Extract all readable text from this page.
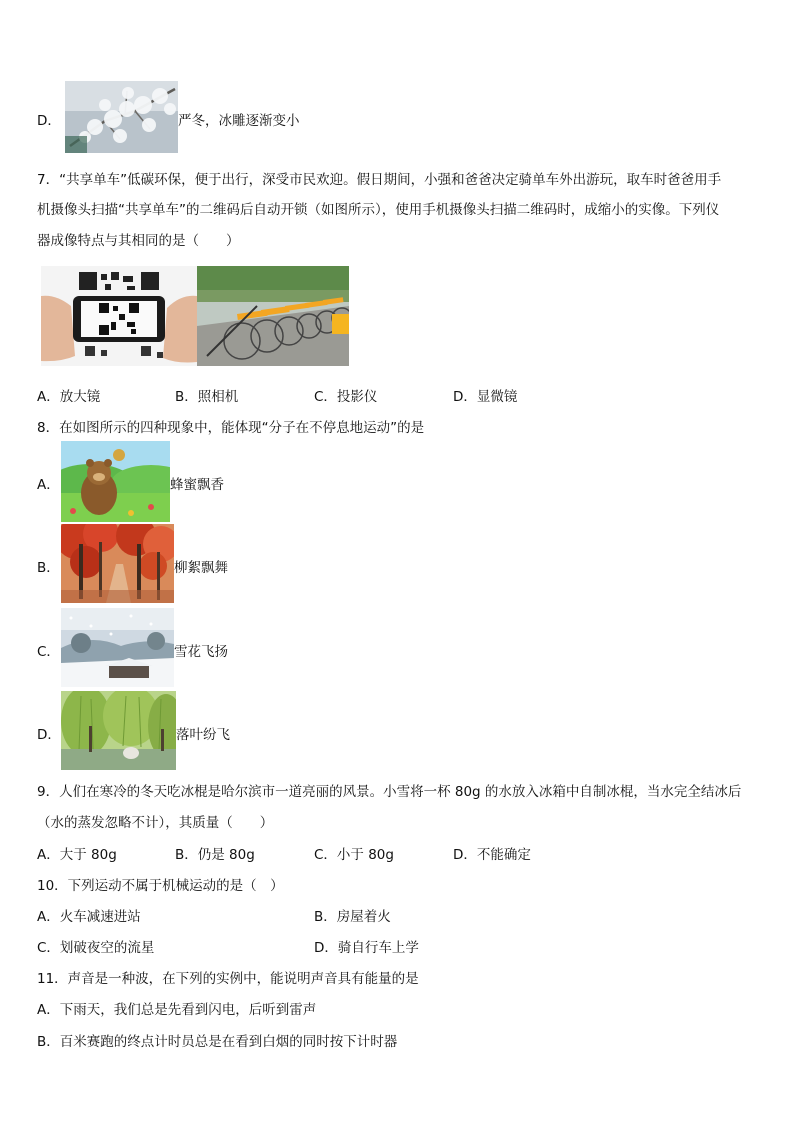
D．	严冬，冰雕逐渐变小
7．“共享单车”低碳环保，便于出行，深受市民欢迎。假日期间，小强和爸爸决定骑单车外出游玩，取车时爸爸用手
机摄像头扫描“共享单车”的二维码后自动开锁（如图所示），使用手机摄像头扫描二维码时，成缩小的实像。下列仪
器成像特点与其相同的是（　　）
A．放大镜	B．照相机	C．投影仪	D．显微镜
8．在如图所示的四种现象中，能体现“分子在不停息地运动”的是
A．	蜂蜜飘香
B．	柳絮飘舞
C．	雪花飞扬
D．	落叶纷飞
9．人们在寒冷的冬天吃冰棍是哈尔滨市一道亮丽的风景。小雪将一杯 80g 的水放入冰箱中自制冰棍，当水完全结冰后
（水的蒸发忽略不计），其质量（　　）
A．大于 80g	B．仍是 80g	C．小于 80g	D．不能确定
10．下列运动不属于机械运动的是（　）
A．火车减速进站	B．房屋着火
C．划破夜空的流星	D．骑自行车上学
11．声音是一种波，在下列的实例中，能说明声音具有能量的是
A．下雨天，我们总是先看到闪电，后听到雷声
B．百米赛跑的终点计时员总是在看到白烟的同时按下计时器
